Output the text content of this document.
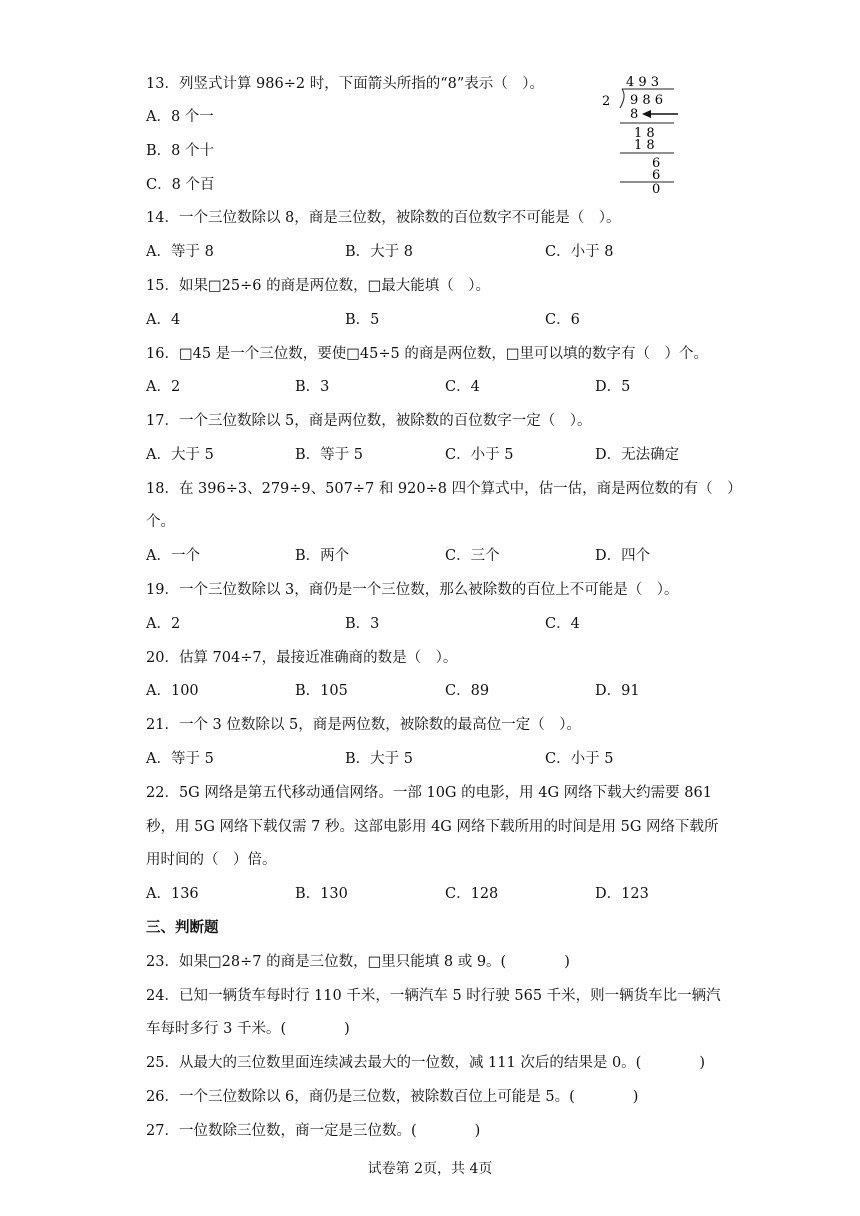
13．列竖式计算 986÷2 时，下面箭头所指的“8”表示（　）。
A．8 个一
B．8 个十
C．8 个百
4 9 3
2 9 8 6
8
1 8
1 8
6
6
0
14．一个三位数除以 8，商是三位数，被除数的百位数字不可能是（　）。
A．等于 8	B．大于 8	C．小于 8
15．如果□25÷6 的商是两位数，□最大能填（　）。
A．4	B．5	C．6
16．□45 是一个三位数，要使□45÷5 的商是两位数，□里可以填的数字有（　）个。
A．2	B．3	C．4	D．5
17．一个三位数除以 5，商是两位数，被除数的百位数字一定（　）。
A．大于 5	B．等于 5	C．小于 5	D．无法确定
18．在 396÷3、279÷9、507÷7 和 920÷8 四个算式中，估一估，商是两位数的有（　）
个。
A．一个	B．两个	C．三个	D．四个
19．一个三位数除以 3，商仍是一个三位数，那么被除数的百位上不可能是（　）。
A．2	B．3	C．4
20．估算 704÷7，最接近准确商的数是（　）。
A．100	B．105	C．89	D．91
21．一个 3 位数除以 5，商是两位数，被除数的最高位一定（　）。
A．等于 5	B．大于 5	C．小于 5
22．5G 网络是第五代移动通信网络。一部 10G 的电影，用 4G 网络下载大约需要 861
秒，用 5G 网络下载仅需 7 秒。这部电影用 4G 网络下载所用的时间是用 5G 网络下载所
用时间的（　）倍。
A．136	B．130	C．128	D．123
三、判断题
23．如果□28÷7 的商是三位数，□里只能填 8 或 9。(　　　　)
24．已知一辆货车每时行 110 千米，一辆汽车 5 时行驶 565 千米，则一辆货车比一辆汽
车每时多行 3 千米。(　　　　)
25．从最大的三位数里面连续减去最大的一位数，减 111 次后的结果是 0。(　　　　)
26．一个三位数除以 6，商仍是三位数，被除数百位上可能是 5。(　　　　)
27．一位数除三位数，商一定是三位数。(　　　　)
试卷第 2页，共 4页
